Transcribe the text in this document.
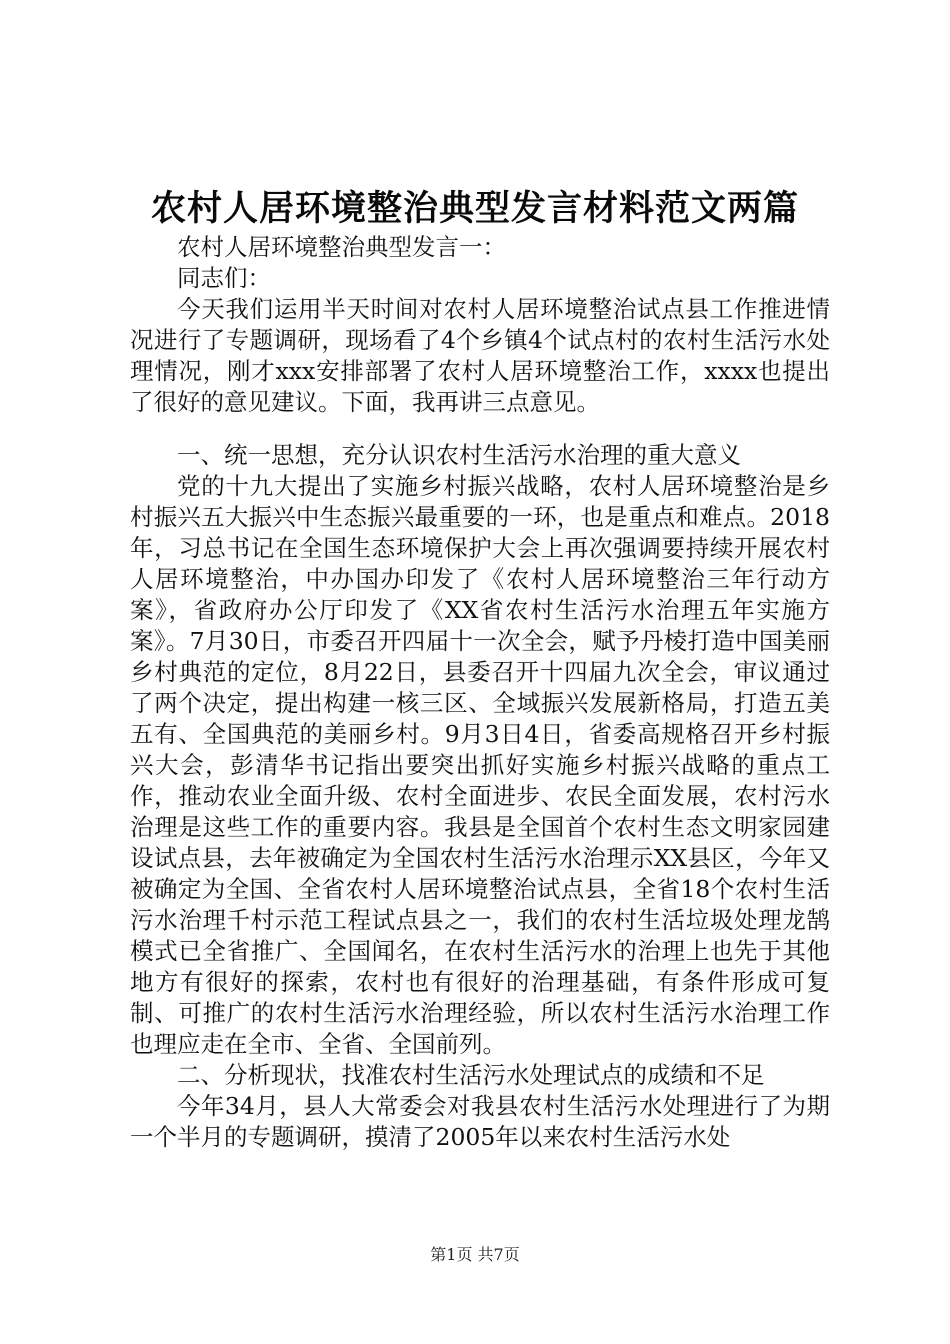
农村人居环境整治典型发言材料范文两篇

农村人居环境整治典型发言一：

同志们：

今天我们运用半天时间对农村人居环境整治试点县工作推进情况进行了专题调研，现场看了4个乡镇4个试点村的农村生活污水处理情况，刚才xxx安排部署了农村人居环境整治工作，xxxx也提出了很好的意见建议。下面，我再讲三点意见。

一、统一思想，充分认识农村生活污水治理的重大意义

党的十九大提出了实施乡村振兴战略，农村人居环境整治是乡村振兴五大振兴中生态振兴最重要的一环，也是重点和难点。2018年，习总书记在全国生态环境保护大会上再次强调要持续开展农村人居环境整治，中办国办印发了《农村人居环境整治三年行动方案》，省政府办公厅印发了《XX省农村生活污水治理五年实施方案》。7月30日，市委召开四届十一次全会，赋予丹棱打造中国美丽乡村典范的定位，8月22日，县委召开十四届九次全会，审议通过了两个决定，提出构建一核三区、全域振兴发展新格局，打造五美五有、全国典范的美丽乡村。9月3日4日，省委高规格召开乡村振兴大会，彭清华书记指出要突出抓好实施乡村振兴战略的重点工作，推动农业全面升级、农村全面进步、农民全面发展，农村污水治理是这些工作的重要内容。我县是全国首个农村生态文明家园建设试点县，去年被确定为全国农村生活污水治理示XX县区，今年又被确定为全国、全省农村人居环境整治试点县，全省18个农村生活污水治理千村示范工程试点县之一，我们的农村生活垃圾处理龙鹄模式已全省推广、全国闻名，在农村生活污水的治理上也先于其他地方有很好的探索，农村也有很好的治理基础，有条件形成可复制、可推广的农村生活污水治理经验，所以农村生活污水治理工作也理应走在全市、全省、全国前列。

二、分析现状，找准农村生活污水处理试点的成绩和不足

今年34月，县人大常委会对我县农村生活污水处理进行了为期一个半月的专题调研，摸清了2005年以来农村生活污水处

第1页 共7页
